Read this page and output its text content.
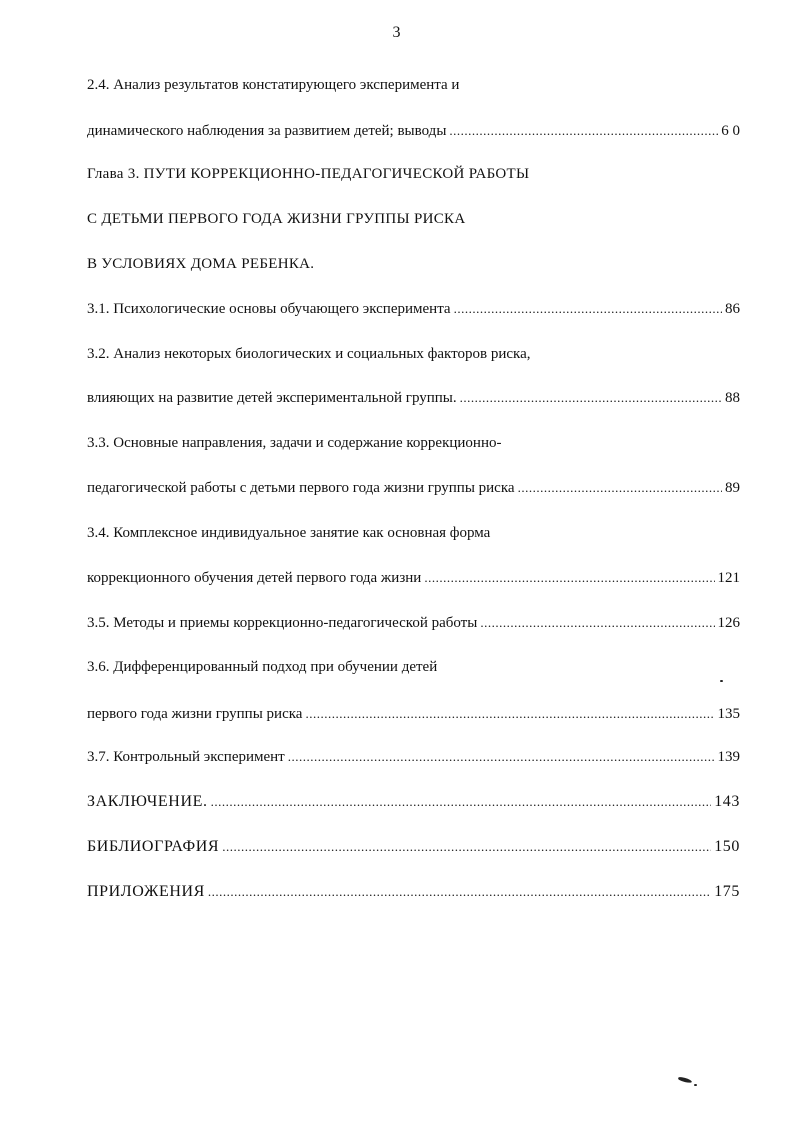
3
2.4. Анализ результатов констатирующего эксперимента и
динамического наблюдения за развитием детей; выводы .....	6 0
Глава 3. ПУТИ КОРРЕКЦИОННО-ПЕДАГОГИЧЕСКОЙ РАБОТЫ
С ДЕТЬМИ ПЕРВОГО ГОДА ЖИЗНИ ГРУППЫ РИСКА
В УСЛОВИЯХ ДОМА РЕБЕНКА.
3.1. Психологические основы обучающего эксперимента .....	86
3.2. Анализ некоторых биологических и социальных факторов риска,
влияющих на развитие детей экспериментальной группы. .....	88
3.3. Основные направления, задачи и содержание коррекционно-
педагогической работы с детьми первого года жизни группы риска .....	89
3.4. Комплексное индивидуальное занятие как основная форма
коррекционного обучения детей первого года жизни .....	121
3.5. Методы и приемы коррекционно-педагогической работы .....	126
3.6. Дифференцированный подход при обучении детей
первого года жизни группы риска .....	135
3.7. Контрольный эксперимент .....	139
ЗАКЛЮЧЕНИЕ. .....	143
БИБЛИОГРАФИЯ .....	150
ПРИЛОЖЕНИЯ .....	175
